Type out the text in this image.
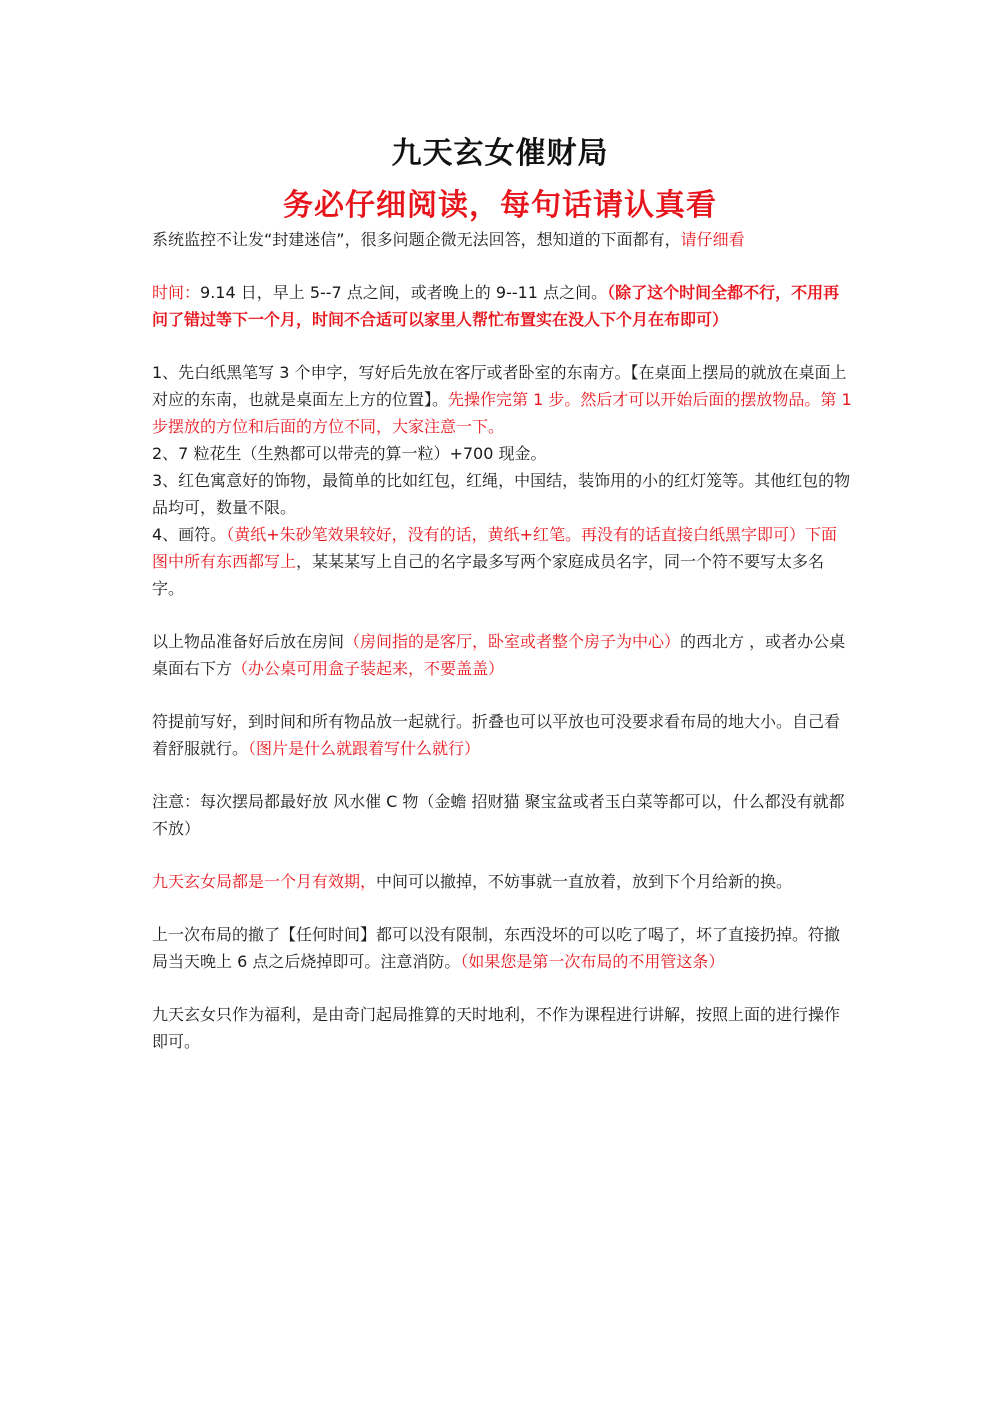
九天玄女催财局
务必仔细阅读，每句话请认真看

系统监控不让发“封建迷信”，很多问题企微无法回答，想知道的下面都有，请仔细看

时间：9.14 日，早上 5--7 点之间，或者晚上的 9--11 点之间。（除了这个时间全都不行，不用再问了错过等下一个月，时间不合适可以家里人帮忙布置实在没人下个月在布即可）

1、先白纸黑笔写 3 个申字，写好后先放在客厅或者卧室的东南方。【在桌面上摆局的就放在桌面上对应的东南，也就是桌面左上方的位置】。先操作完第 1 步。然后才可以开始后面的摆放物品。第 1 步摆放的方位和后面的方位不同，大家注意一下。

2、7 粒花生（生熟都可以带壳的算一粒）+700 现金。

3、红色寓意好的饰物，最简单的比如红包，红绳，中国结，装饰用的小的红灯笼等。其他红包的物品均可，数量不限。

4、画符。（黄纸+朱砂笔效果较好，没有的话，黄纸+红笔。再没有的话直接白纸黑字即可）下面图中所有东西都写上，某某某写上自己的名字最多写两个家庭成员名字，同一个符不要写太多名字。

以上物品准备好后放在房间（房间指的是客厅，卧室或者整个房子为中心）的西北方 ，或者办公桌桌面右下方（办公桌可用盒子装起来，不要盖盖）

符提前写好，到时间和所有物品放一起就行。折叠也可以平放也可没要求看布局的地大小。自己看着舒服就行。（图片是什么就跟着写什么就行）

注意：每次摆局都最好放 风水催 C 物（金蟾 招财猫 聚宝盆或者玉白菜等都可以，什么都没有就都不放）

九天玄女局都是一个月有效期，中间可以撤掉，不妨事就一直放着，放到下个月给新的换。

上一次布局的撤了【任何时间】都可以没有限制，东西没坏的可以吃了喝了，坏了直接扔掉。符撤局当天晚上 6 点之后烧掉即可。注意消防。（如果您是第一次布局的不用管这条）

九天玄女只作为福利，是由奇门起局推算的天时地利，不作为课程进行讲解，按照上面的进行操作即可。
